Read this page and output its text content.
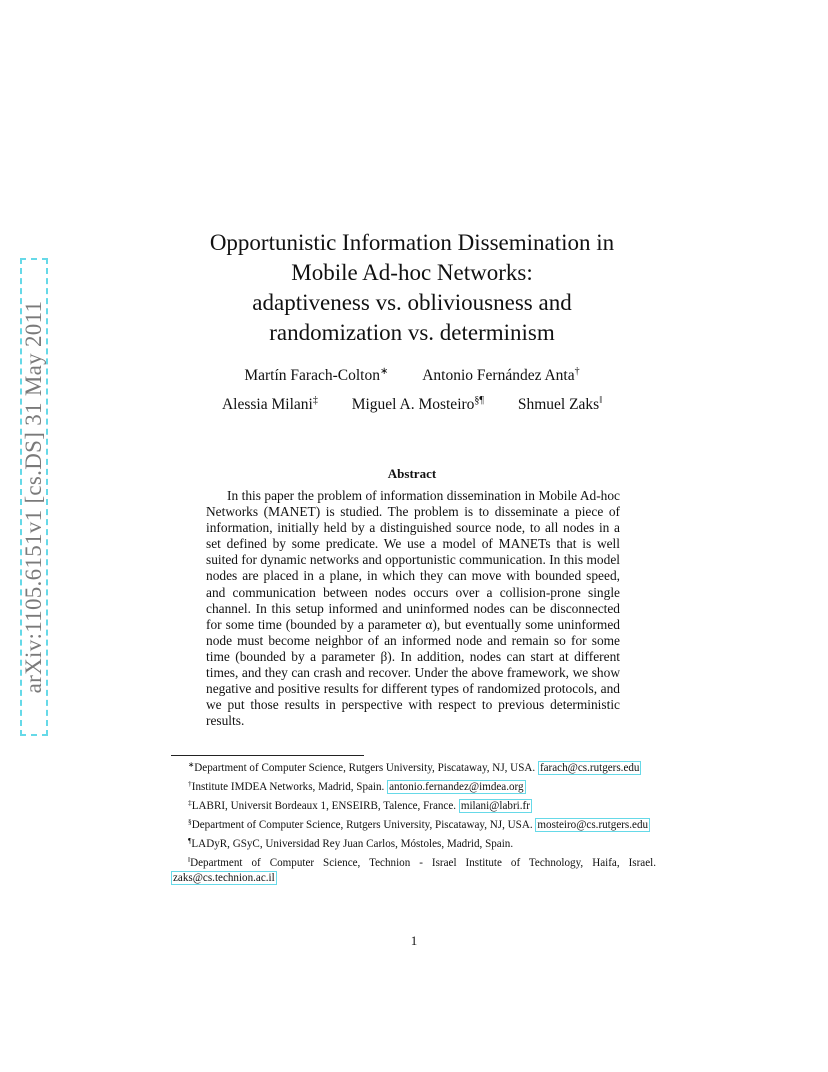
arXiv:1105.6151v1 [cs.DS] 31 May 2011
Opportunistic Information Dissemination in
Mobile Ad-hoc Networks:
adaptiveness vs. obliviousness and
randomization vs. determinism
Martín Farach-Colton∗ Antonio Fernández Anta†
Alessia Milani‡ Miguel A. Mosteiro§¶ Shmuel Zaks‖
Abstract

In this paper the problem of information dissemination in Mobile Ad-hoc Networks (MANET) is studied. The problem is to disseminate a piece of information, initially held by a distinguished source node, to all nodes in a set defined by some predicate. We use a model of MANETs that is well suited for dynamic networks and opportunistic communication. In this model nodes are placed in a plane, in which they can move with bounded speed, and communication between nodes occurs over a collision-prone single channel. In this setup informed and uninformed nodes can be disconnected for some time (bounded by a parameter α), but eventually some uninformed node must become neighbor of an informed node and remain so for some time (bounded by a parameter β). In addition, nodes can start at different times, and they can crash and recover. Under the above framework, we show negative and positive results for different types of randomized protocols, and we put those results in perspective with respect to previous deterministic results.

∗Department of Computer Science, Rutgers University, Piscataway, NJ, USA. farach@cs.rutgers.edu

†Institute IMDEA Networks, Madrid, Spain. antonio.fernandez@imdea.org

‡LABRI, Universit Bordeaux 1, ENSEIRB, Talence, France. milani@labri.fr

§Department of Computer Science, Rutgers University, Piscataway, NJ, USA. mosteiro@cs.rutgers.edu

¶LADyR, GSyC, Universidad Rey Juan Carlos, Móstoles, Madrid, Spain.

‖Department of Computer Science, Technion - Israel Institute of Technology, Haifa, Israel. zaks@cs.technion.ac.il

1
